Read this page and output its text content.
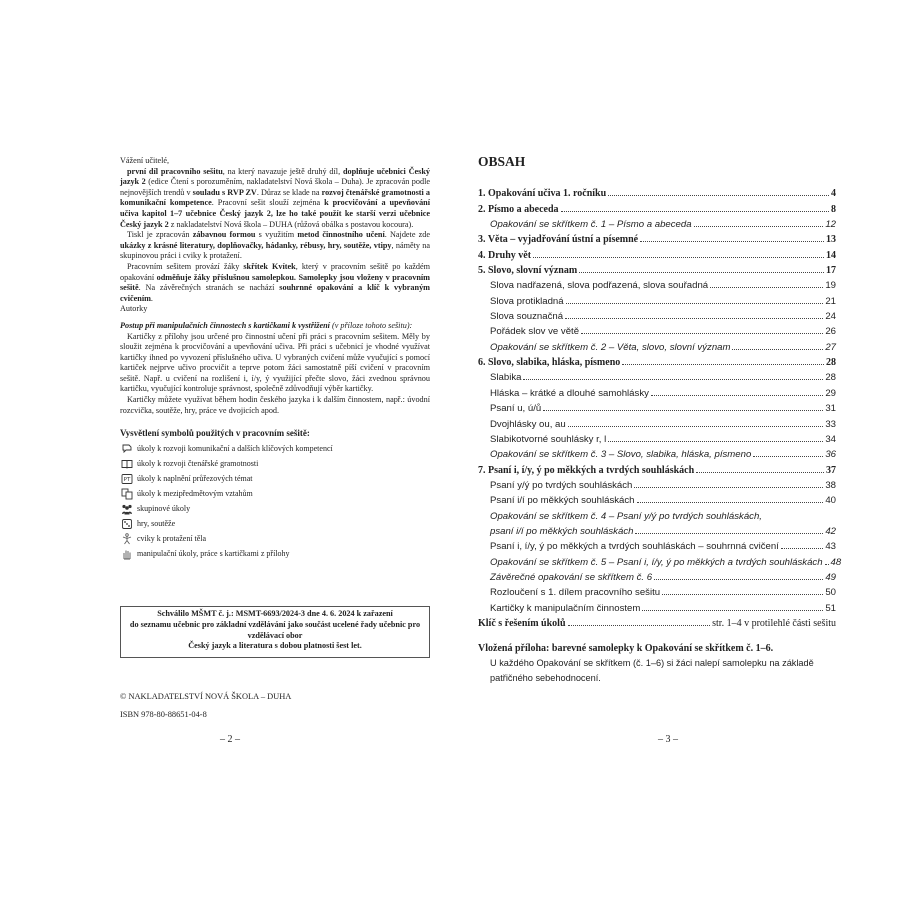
Vážení učitelé,

první díl pracovního sešitu, na který navazuje ještě druhý díl, doplňuje učebnici Český jazyk 2 (edice Čtení s porozuměním, nakladatelství Nová škola – Duha). Je zpracován podle nejnovějších trendů v souladu s RVP ZV. Důraz se klade na rozvoj čtenářské gramotnosti a komunikační kompetence. Pracovní sešit slouží zejména k procvičování a upevňování učiva kapitol 1–7 učebnice Český jazyk 2, lze ho také použít ke starší verzi učebnice Český jazyk 2 z nakladatelství Nová škola – DUHA (růžová obálka s postavou kocoura).

Tiskl je zpracován zábavnou formou s využitím metod činnostního učení. Najdete zde ukázky z krásné literatury, doplňovačky, hádanky, rébusy, hry, soutěže, vtipy, náměty na skupinovou práci i cviky k protažení.

Pracovním sešitem provází žáky skřítek Kvítek, který v pracovním sešitě po každém opakování odměňuje žáky příslušnou samolepkou. Samolepky jsou vloženy v pracovním sešitě. Na závěrečných stranách se nachází souhrnné opakování a klíč k vybraným cvičením.

Autorky

Postup při manipulačních činnostech s kartičkami k vystřižení (v příloze tohoto sešitu):

Kartičky z přílohy jsou určené pro činnostní učení při práci s pracovním sešitem. Měly by sloužit zejména k procvičování a upevňování učiva. Při práci s učebnicí je vhodné využívat kartičky ihned po vyvození příslušného učiva. U vybraných cvičení může vyučující s pomocí kartiček nejprve učivo procvičit a teprve potom žáci samostatně píší cvičení v pracovním sešitě. Např. u cvičení na rozlišení i, í/y, ý využijící přečte slovo, žáci zvednou správnou kartičku, vyučující kontroluje správnost, společně zdůvodňují výběr kartičky.

Kartičky můžete využívat během hodin českého jazyka i k dalším činnostem, např.: úvodní rozcvička, soutěže, hry, práce ve dvojicích apod.

Vysvětlení symbolů použitých v pracovním sešitě:

úkoly k rozvoji komunikační a dalších klíčových kompetencí
úkoly k rozvoji čtenářské gramotnosti
PT úkoly k naplnění průřezových témat
úkoly k mezipředmětovým vztahům
skupinové úkoly
hry, soutěže
cviky k protažení těla
manipulační úkoly, práce s kartičkami z přílohy
Schválilo MŠMT č. j.: MSMT-6693/2024-3 dne 4. 6. 2024 k zařazení
do seznamu učebnic pro základní vzdělávání jako součást ucelené řady učebnic pro vzdělávací obor
Český jazyk a literatura s dobou platnosti šest let.
© NAKLADATELSTVÍ NOVÁ ŠKOLA – DUHA
ISBN 978-80-88651-04-8
– 2 –
OBSAH
1. Opakování učiva 1. ročníku	4
2. Písmo a abeceda	8
Opakování se skřítkem č. 1 – Písmo a abeceda	12
3. Věta – vyjadřování ústní a písemné	13
4. Druhy vět	14
5. Slovo, slovní význam	17
Slova nadřazená, slova podřazená, slova souřadná	19
Slova protikladná	21
Slova souznačná	24
Pořádek slov ve větě	26
Opakování se skřítkem č. 2 – Věta, slovo, slovní význam	27
6. Slovo, slabika, hláska, písmeno	28
Slabika	28
Hláska – krátké a dlouhé samohlásky	29
Psaní u, ú/ů	31
Dvojhlásky ou, au	33
Slabikotvorné souhlásky r, l	34
Opakování se skřítkem č. 3 – Slovo, slabika, hláska, písmeno	36
7. Psaní i, í/y, ý po měkkých a tvrdých souhláskách	37
Psaní y/ý po tvrdých souhláskách	38
Psaní i/í po měkkých souhláskách	40
Opakování se skřítkem č. 4 – Psaní y/ý po tvrdých souhláskách,
psaní i/í po měkkých souhláskách	42
Psaní i, í/y, ý po měkkých a tvrdých souhláskách – souhrnná cvičení	43
Opakování se skřítkem č. 5 – Psaní i, í/y, ý po měkkých a tvrdých souhláskách 48
Závěrečné opakování se skřítkem č. 6	49
Rozloučení s 1. dílem pracovního sešitu	50
Kartičky k manipulačním činnostem	51
Klíč s řešením úkolů	str. 1–4 v protilehlé části sešitu
Vložená příloha: barevné samolepky k Opakování se skřítkem č. 1–6.
U každého Opakování se skřítkem (č. 1–6) si žáci nalepí samolepku na základě patřičného sebehodnocení.
– 3 –
